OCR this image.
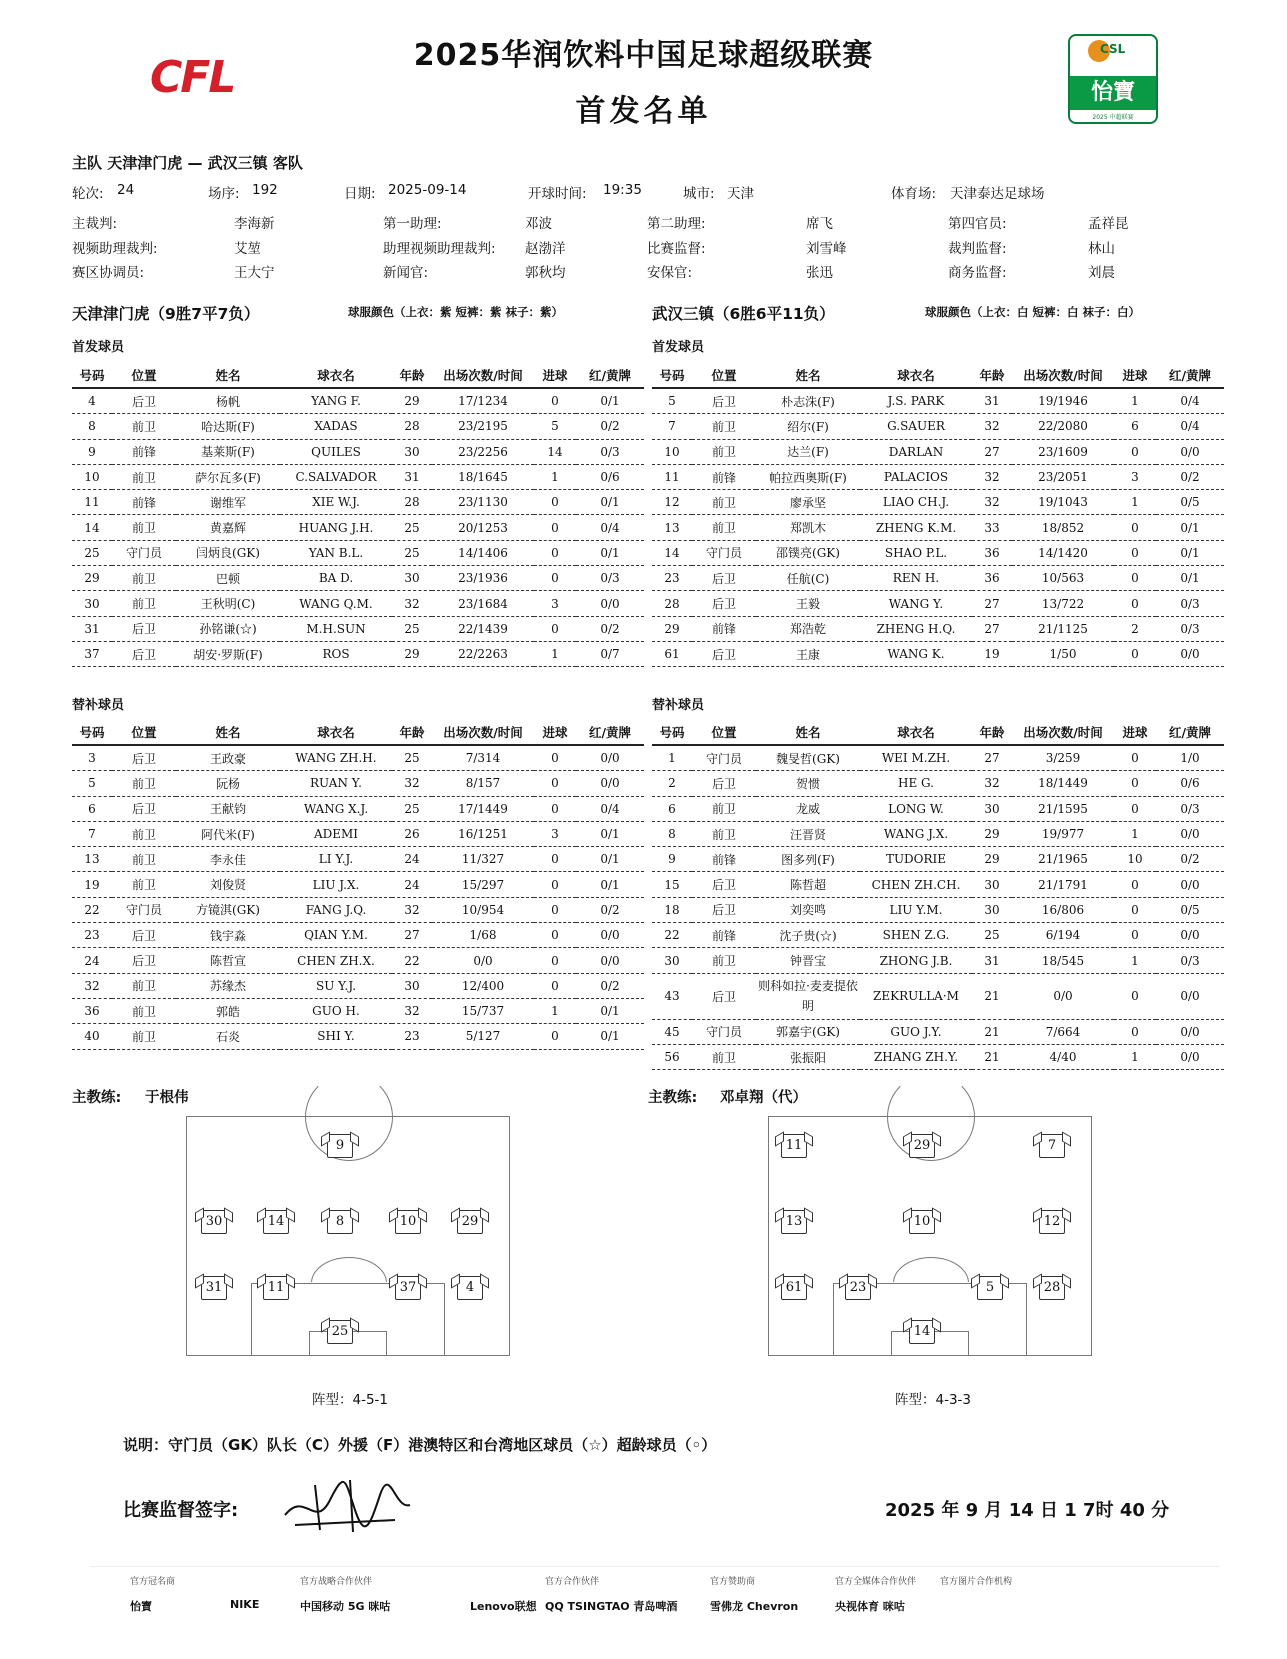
CFL	2025华润饮料中国足球超级联赛
首发名单
CSL
怡寶
2025 中超联赛
主队 天津津门虎 — 武汉三镇 客队
轮次: 24	场序: 192	日期: 2025-09-14	开球时间: 19:35	城市: 天津	体育场: 天津泰达足球场
主裁判:	李海新	第一助理:	邓波	第二助理:	席飞	第四官员:	孟祥昆
视频助理裁判:	艾堃	助理视频助理裁判: 赵渤洋	比赛监督:	刘雪峰	裁判监督:	林山
赛区协调员:	王大宁	新闻官:	郭秋均	安保官:	张迅	商务监督:	刘晨
天津津门虎（9胜7平7负）	球服颜色（上衣：紫 短裤：紫 袜子：紫）	武汉三镇（6胜6平11负）	球服颜色（上衣：白 短裤：白 袜子：白）
首发球员	首发球员
替补球员	替补球员
号码	位置	姓名	球衣名	年龄	出场次数/时间	进球	红/黄牌
4	后卫	杨帆	YANG F.	29	17/1234	0	0/1
8	前卫	哈达斯(F)	XADAS	28	23/2195	5	0/2
9	前锋	基莱斯(F)	QUILES	30	23/2256	14	0/3
10	前卫	萨尔瓦多(F)	C.SALVADOR	31	18/1645	1	0/6
11	前锋	谢维军	XIE W.J.	28	23/1130	0	0/1
14	前卫	黄嘉辉	HUANG J.H.	25	20/1253	0	0/4
25	守门员	闫炳良(GK)	YAN B.L.	25	14/1406	0	0/1
29	前卫	巴顿	BA D.	30	23/1936	0	0/3
30	前卫	王秋明(C)	WANG Q.M.	32	23/1684	3	0/0
31	后卫	孙铭谦(☆)	M.H.SUN	25	22/1439	0	0/2
37	后卫	胡安·罗斯(F)	ROS	29	22/2263	1	0/7
号码	位置	姓名	球衣名	年龄	出场次数/时间	进球	红/黄牌
5	后卫	朴志洙(F)	J.S. PARK	31	19/1946	1	0/4
7	前卫	绍尔(F)	G.SAUER	32	22/2080	6	0/4
10	前卫	达兰(F)	DARLAN	27	23/1609	0	0/0
11	前锋	帕拉西奥斯(F)	PALACIOS	32	23/2051	3	0/2
12	前卫	廖承坚	LIAO CH.J.	32	19/1043	1	0/5
13	前卫	郑凯木	ZHENG K.M.	33	18/852	0	0/1
14	守门员	邵镤亮(GK)	SHAO P.L.	36	14/1420	0	0/1
23	后卫	任航(C)	REN H.	36	10/563	0	0/1
28	后卫	王毅	WANG Y.	27	13/722	0	0/3
29	前锋	郑浩乾	ZHENG H.Q.	27	21/1125	2	0/3
61	后卫	王康	WANG K.	19	1/50	0	0/0
号码	位置	姓名	球衣名	年龄	出场次数/时间	进球	红/黄牌
3	后卫	王政豪	WANG ZH.H.	25	7/314	0	0/0
5	前卫	阮杨	RUAN Y.	32	8/157	0	0/0
6	后卫	王献钧	WANG X.J.	25	17/1449	0	0/4
7	前卫	阿代米(F)	ADEMI	26	16/1251	3	0/1
13	前卫	李永佳	LI Y.J.	24	11/327	0	0/1
19	前卫	刘俊贤	LIU J.X.	24	15/297	0	0/1
22	守门员	方镜淇(GK)	FANG J.Q.	32	10/954	0	0/2
23	后卫	钱宇淼	QIAN Y.M.	27	1/68	0	0/0
24	后卫	陈哲宣	CHEN ZH.X.	22	0/0	0	0/0
32	前卫	苏缘杰	SU Y.J.	30	12/400	0	0/2
36	前卫	郭皓	GUO H.	32	15/737	1	0/1
40	前卫	石炎	SHI Y.	23	5/127	0	0/1
号码	位置	姓名	球衣名	年龄	出场次数/时间	进球	红/黄牌
1	守门员	魏旻哲(GK)	WEI M.ZH.	27	3/259	0	1/0
2	后卫	贺惯	HE G.	32	18/1449	0	0/6
6	前卫	龙威	LONG W.	30	21/1595	0	0/3
8	前卫	汪晋贤	WANG J.X.	29	19/977	1	0/0
9	前锋	图多列(F)	TUDORIE	29	21/1965	10	0/2
15	后卫	陈哲超	CHEN ZH.CH.	30	21/1791	0	0/0
18	后卫	刘奕鸣	LIU Y.M.	30	16/806	0	0/5
22	前锋	沈子贵(☆)	SHEN Z.G.	25	6/194	0	0/0
30	前卫	钟晋宝	ZHONG J.B.	31	18/545	1	0/3
43	后卫	则科如拉·麦麦提依明	ZEKRULLA·M	21	0/0	0	0/0
45	守门员	郭嘉宇(GK)	GUO J.Y.	21	7/664	0	0/0
56	前卫	张振阳	ZHANG ZH.Y.	21	4/40	1	0/0
主教练: 于根伟	主教练: 邓卓翔（代）
9
30	14	8	10	29
31	11	37	4
25
11	29	7
13	10	12
61	23	5	28
14
阵型：4-5-1	阵型：4-3-3
说明：守门员（GK）队长（C）外援（F）港澳特区和台湾地区球员（☆）超龄球员（◦）
比赛监督签字:	2025 年 9 月 14 日 1 7时 40 分
官方冠名商
怡寶	NIKE
官方战略合作伙伴
中国移动 5G 咪咕	Lenovo联想
官方合作伙伴
QQ TSINGTAO 青岛啤酒
官方赞助商
雪佛龙 Chevron
官方全媒体合作伙伴
央视体育 咪咕
官方图片合作机构
